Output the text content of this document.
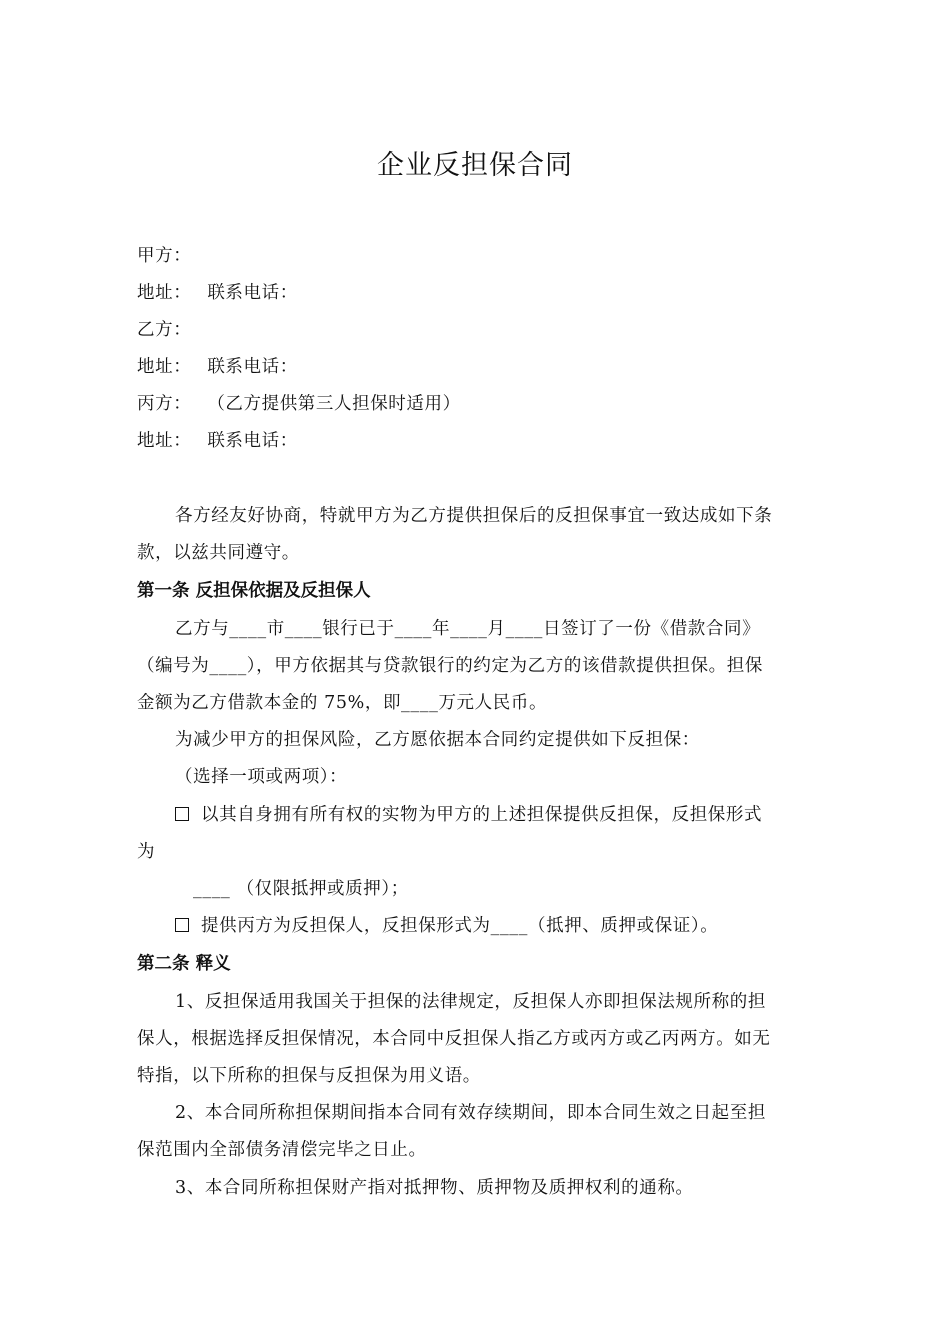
企业反担保合同
甲方：
地址： 联系电话：
乙方：
地址： 联系电话：
丙方： （乙方提供第三人担保时适用）
地址： 联系电话：
各方经友好协商，特就甲方为乙方提供担保后的反担保事宜一致达成如下条
款，以兹共同遵守。
第一条 反担保依据及反担保人
乙方与____市____银行已于____年____月____日签订了一份《借款合同》
（编号为____），甲方依据其与贷款银行的约定为乙方的该借款提供担保。担保
金额为乙方借款本金的 75%，即____万元人民币。
为减少甲方的担保风险，乙方愿依据本合同约定提供如下反担保：
（选择一项或两项）：
以其自身拥有所有权的实物为甲方的上述担保提供反担保，反担保形式
为
____ （仅限抵押或质押）；
提供丙方为反担保人，反担保形式为____（抵押、质押或保证）。
第二条 释义
1、反担保适用我国关于担保的法律规定，反担保人亦即担保法规所称的担
保人，根据选择反担保情况，本合同中反担保人指乙方或丙方或乙丙两方。如无
特指，以下所称的担保与反担保为用义语。
2、本合同所称担保期间指本合同有效存续期间，即本合同生效之日起至担
保范围内全部债务清偿完毕之日止。
3、本合同所称担保财产指对抵押物、质押物及质押权利的通称。
